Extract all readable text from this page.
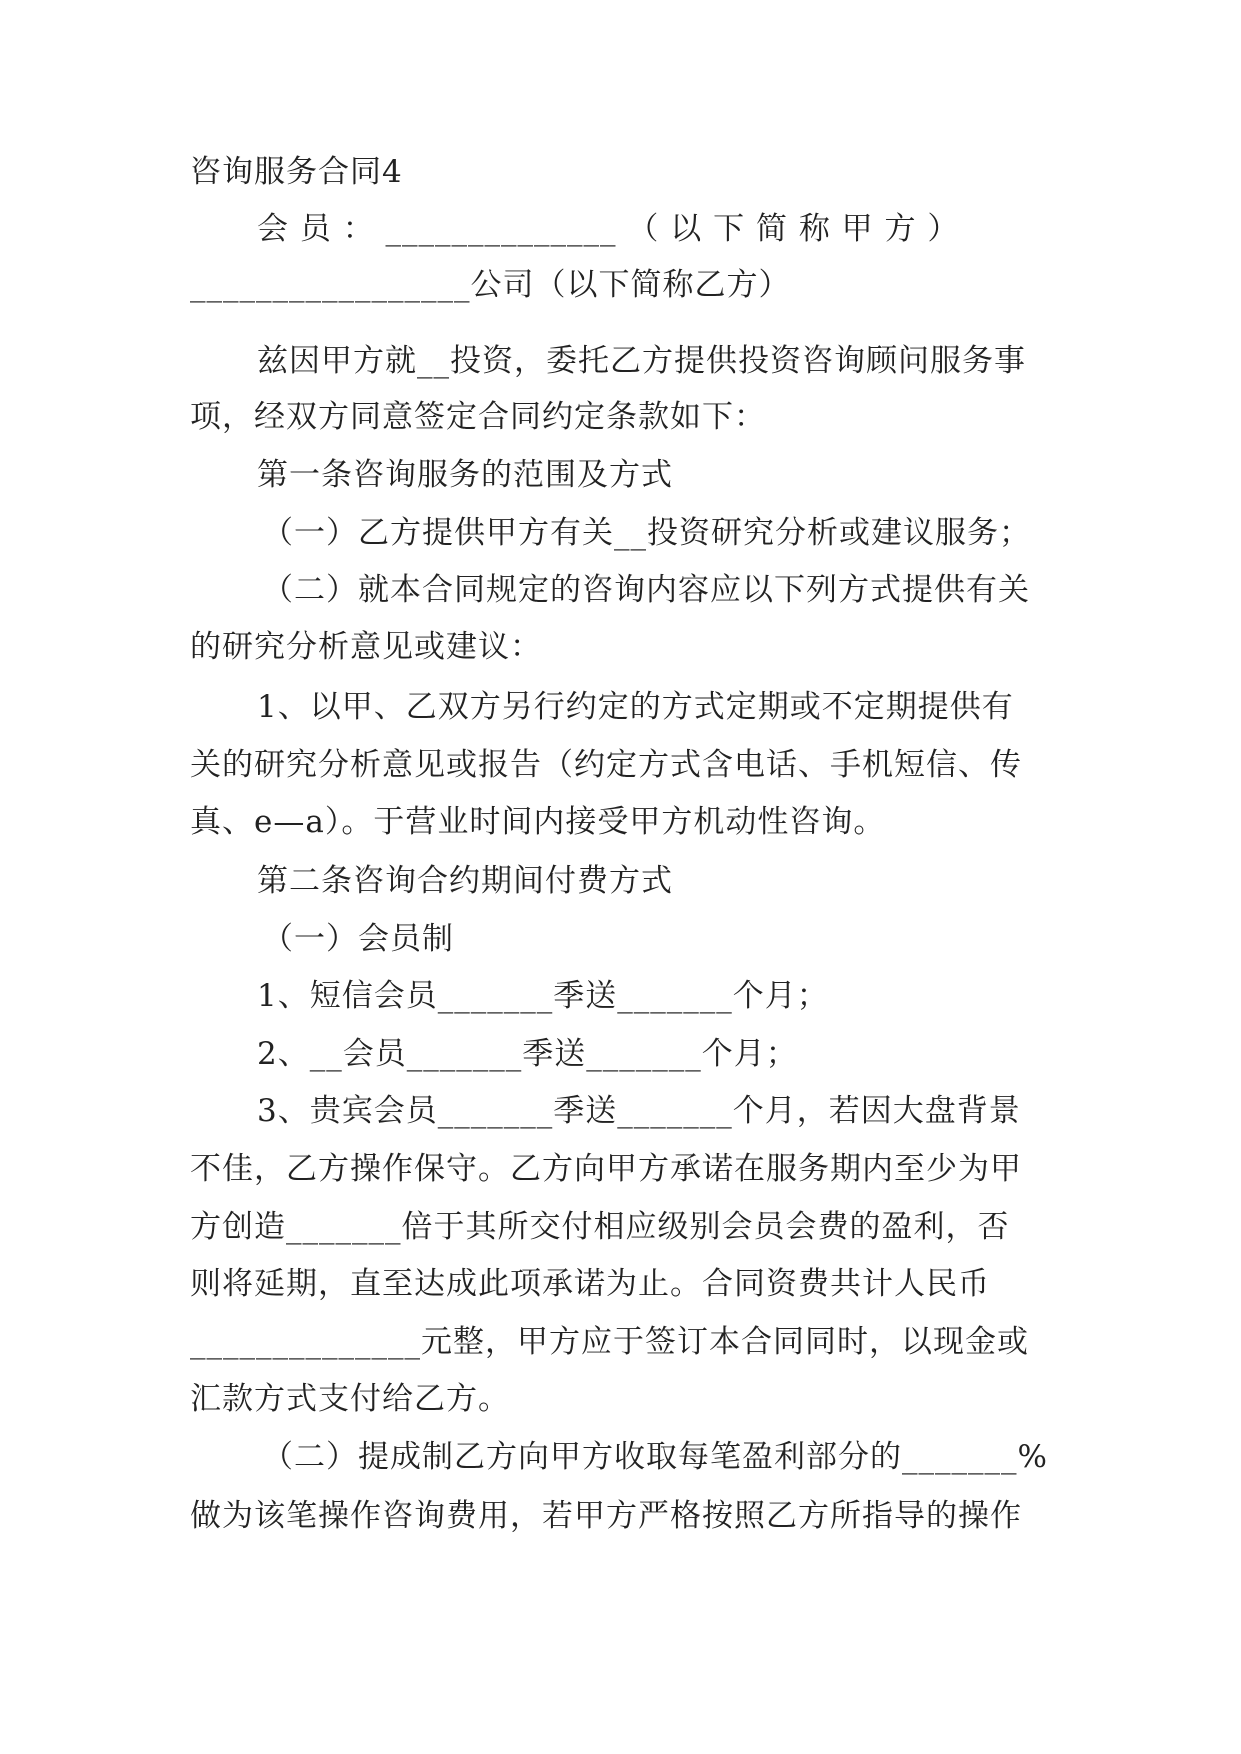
咨询服务合同4
会 员 ： ______________ （ 以 下 简 称 甲 方 ）
_________________公司（以下简称乙方）
兹因甲方就__投资，委托乙方提供投资咨询顾问服务事
项，经双方同意签定合同约定条款如下：
第一条咨询服务的范围及方式
（一）乙方提供甲方有关__投资研究分析或建议服务；
（二）就本合同规定的咨询内容应以下列方式提供有关
的研究分析意见或建议：
1、以甲、乙双方另行约定的方式定期或不定期提供有
关的研究分析意见或报告（约定方式含电话、手机短信、传
真、e—a）。于营业时间内接受甲方机动性咨询。
第二条咨询合约期间付费方式
（一）会员制
1、短信会员_______季送_______个月；
2、__会员_______季送_______个月；
3、贵宾会员_______季送_______个月，若因大盘背景
不佳，乙方操作保守。乙方向甲方承诺在服务期内至少为甲
方创造_______倍于其所交付相应级别会员会费的盈利，否
则将延期，直至达成此项承诺为止。合同资费共计人民币
______________元整，甲方应于签订本合同同时，以现金或
汇款方式支付给乙方。
（二）提成制乙方向甲方收取每笔盈利部分的_______%
做为该笔操作咨询费用，若甲方严格按照乙方所指导的操作
